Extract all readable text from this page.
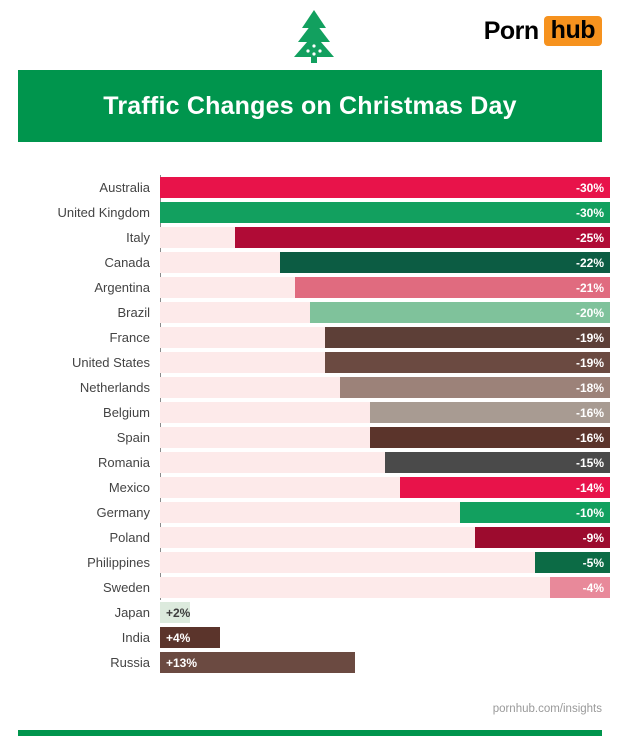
Porn hub
Traffic Changes on Christmas Day
Australia	-30%
United Kingdom	-30%
Italy	-25%
Canada	-22%
Argentina	-21%
Brazil	-20%
France	-19%
United States	-19%
Netherlands	-18%
Belgium	-16%
Spain	-16%
Romania	-15%
Mexico	-14%
Germany	-10%
Poland	-9%
Philippines	-5%
Sweden	-4%
Japan	+2%
India	+4%
Russia	+13%
pornhub.com/insights
